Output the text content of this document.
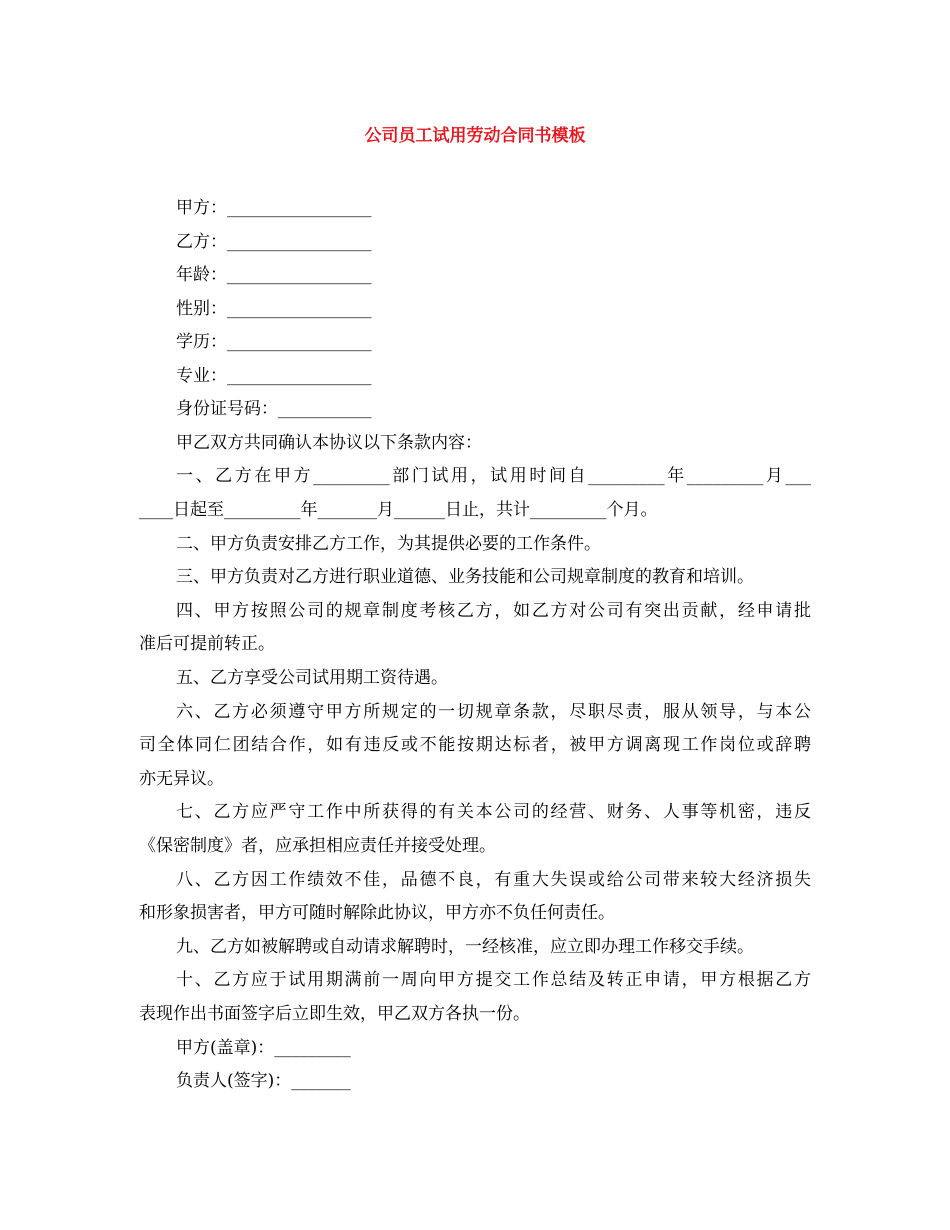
公司员工试用劳动合同书模板
甲方：_________________
乙方：_________________
年龄：_________________
性别：_________________
学历：_________________
专业：_________________
身份证号码：___________
甲乙双方共同确认本协议以下条款内容：
一、乙方在甲方_________部门试用，试用时间自_________年_________月___
____日起至_________年_______月______日止，共计_________个月。
二、甲方负责安排乙方工作，为其提供必要的工作条件。
三、甲方负责对乙方进行职业道德、业务技能和公司规章制度的教育和培训。
四、甲方按照公司的规章制度考核乙方，如乙方对公司有突出贡献，经申请批
准后可提前转正。
五、乙方享受公司试用期工资待遇。
六、乙方必须遵守甲方所规定的一切规章条款，尽职尽责，服从领导，与本公
司全体同仁团结合作，如有违反或不能按期达标者，被甲方调离现工作岗位或辞聘
亦无异议。
七、乙方应严守工作中所获得的有关本公司的经营、财务、人事等机密，违反
《保密制度》者，应承担相应责任并接受处理。
八、乙方因工作绩效不佳，品德不良，有重大失误或给公司带来较大经济损失
和形象损害者，甲方可随时解除此协议，甲方亦不负任何责任。
九、乙方如被解聘或自动请求解聘时，一经核准，应立即办理工作移交手续。
十、乙方应于试用期满前一周向甲方提交工作总结及转正申请，甲方根据乙方
表现作出书面签字后立即生效，甲乙双方各执一份。
甲方(盖章)：_________
负责人(签字)：_______
